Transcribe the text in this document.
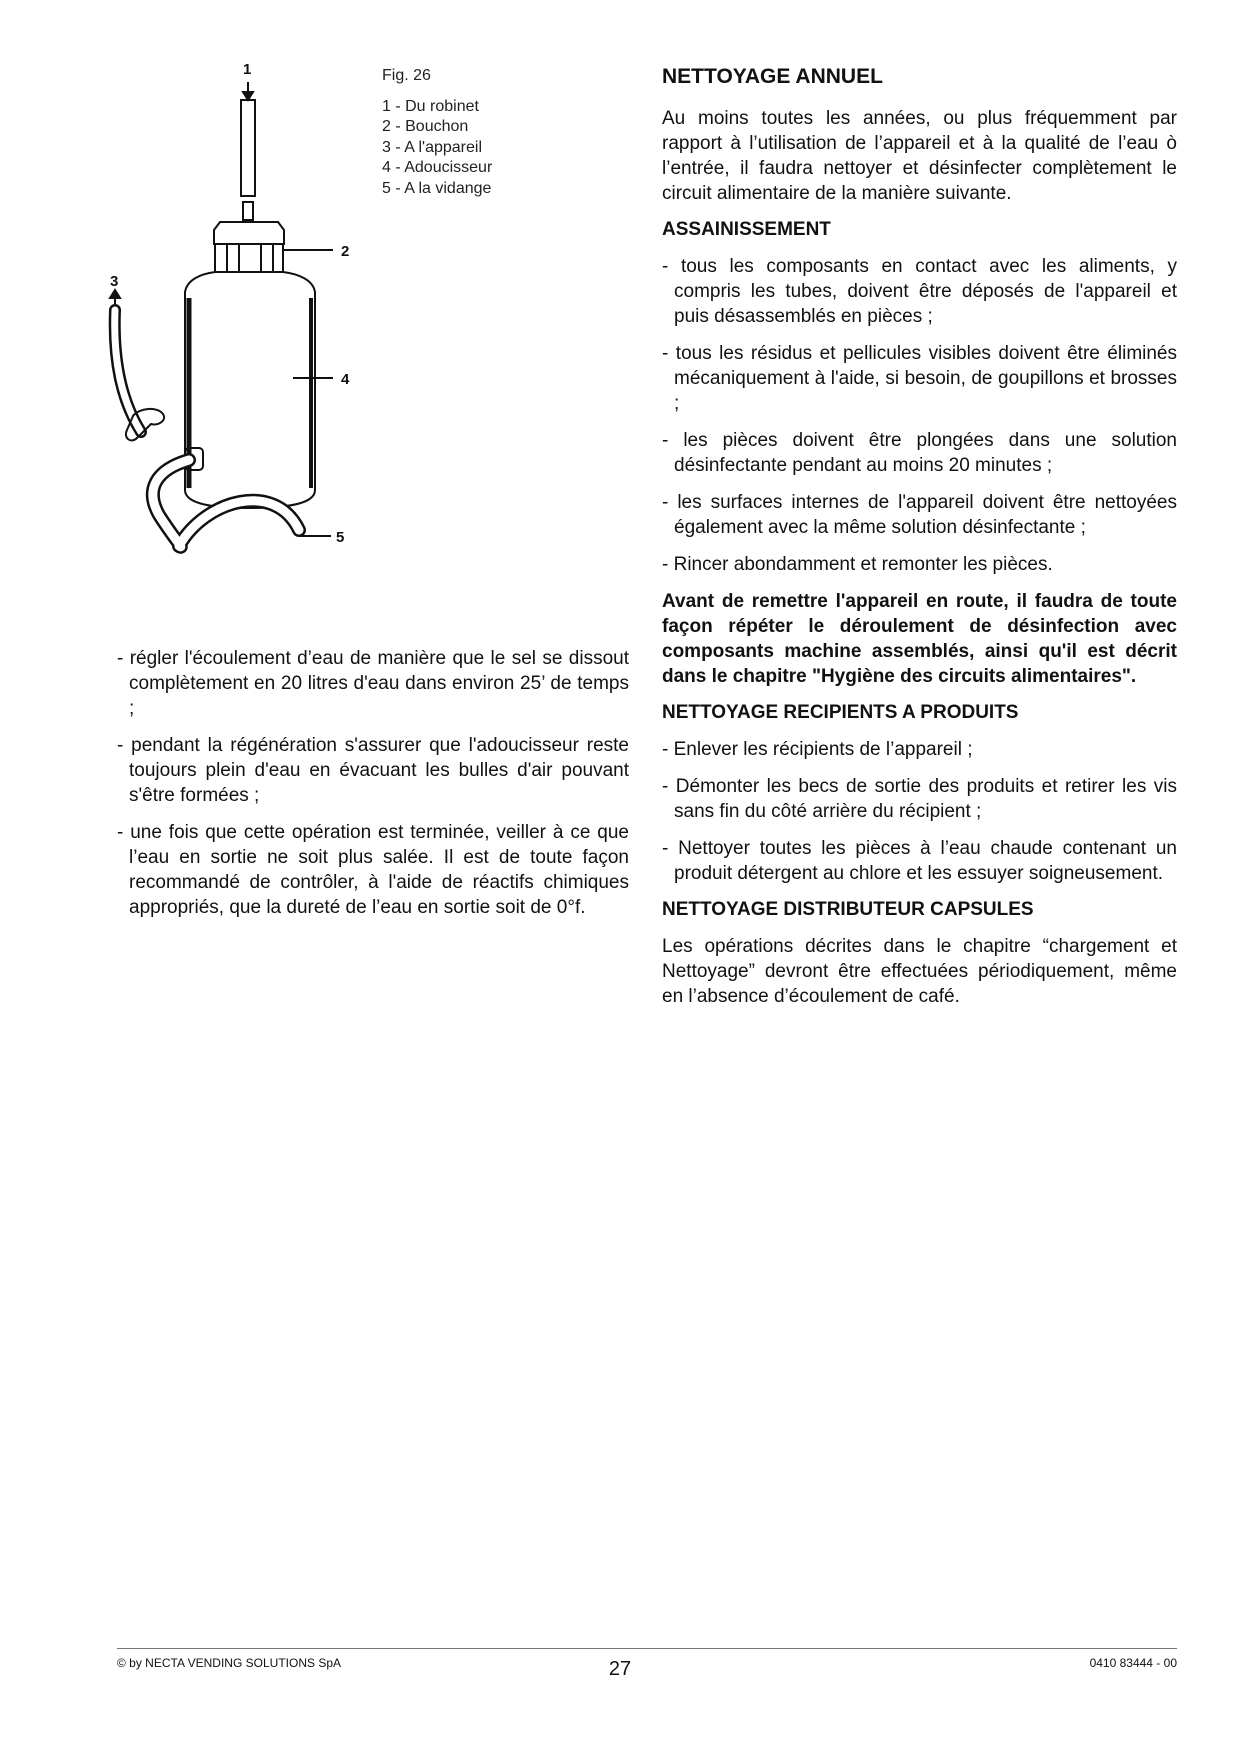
1
3
2
4
5
Fig. 26
1 - Du robinet
2 - Bouchon
3 - A l'appareil
4 - Adoucisseur
5 - A la vidange

- régler l'écoulement d’eau de manière que le sel se dissout complètement en 20 litres d'eau dans environ 25’ de temps ;

- pendant la régénération s'assurer que l'adoucisseur reste toujours plein d'eau en évacuant les bulles d'air pouvant s'être formées ;

- une fois que cette opération est terminée, veiller à ce que l’eau en sortie ne soit plus salée. Il est de toute façon recommandé de contrôler, à l'aide de réactifs chimiques appropriés, que la dureté de l’eau en sortie soit de 0°f.

NETTOYAGE ANNUEL

Au moins toutes les années, ou plus fréquemment par rapport à l’utilisation de l’appareil et à la qualité de l’eau ò l’entrée, il faudra nettoyer et désinfecter complètement le circuit alimentaire de la manière suivante.

ASSAINISSEMENT

- tous les composants en contact avec les aliments, y compris les tubes, doivent être déposés de l'appareil et puis désassemblés en pièces ;

- tous les résidus et pellicules visibles doivent être éliminés mécaniquement à l'aide, si besoin, de goupillons et brosses ;

- les pièces doivent être plongées dans une solution désinfectante pendant au moins 20 minutes ;

- les surfaces internes de l'appareil doivent être nettoyées également avec la même solution désinfectante ;

- Rincer abondamment et remonter les pièces.

Avant de remettre l'appareil en route, il faudra de toute façon répéter le déroulement de désinfection avec composants machine assemblés, ainsi qu'il est décrit dans le chapitre "Hygiène des circuits alimentaires".

NETTOYAGE RECIPIENTS A PRODUITS

- Enlever les récipients de l’appareil ;

- Démonter les becs de sortie des produits et retirer les vis sans fin du côté arrière du récipient ;

- Nettoyer toutes les pièces à l’eau chaude contenant un produit détergent au chlore et les essuyer soigneusement.

NETTOYAGE DISTRIBUTEUR CAPSULES

Les opérations décrites dans le chapitre “chargement et Nettoyage” devront être effectuées périodiquement, même en l’absence d’écoulement de café.

© by NECTA VENDING SOLUTIONS SpA	27	0410 83444 - 00
